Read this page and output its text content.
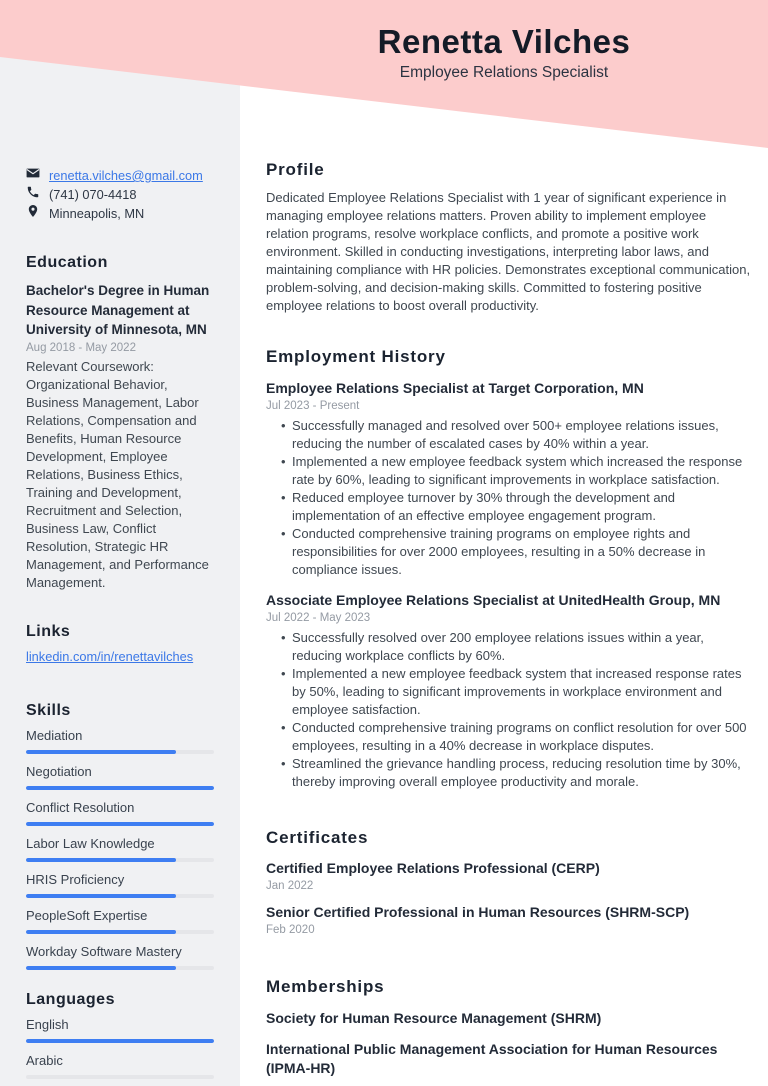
renetta.vilches@gmail.com
(741) 070-4418
Minneapolis, MN
Education
Bachelor's Degree in Human Resource Management at University of Minnesota, MN
Aug 2018 - May 2022
Relevant Coursework: Organizational Behavior, Business Management, Labor Relations, Compensation and Benefits, Human Resource Development, Employee Relations, Business Ethics, Training and Development, Recruitment and Selection, Business Law, Conflict Resolution, Strategic HR Management, and Performance Management.
Links
linkedin.com/in/renettavilches
Skills
Mediation
Negotiation
Conflict Resolution
Labor Law Knowledge
HRIS Proficiency
PeopleSoft Expertise
Workday Software Mastery
Languages
English
Arabic
Renetta Vilches
Employee Relations Specialist
Profile

Dedicated Employee Relations Specialist with 1 year of significant experience in managing employee relations matters. Proven ability to implement employee relation programs, resolve workplace conflicts, and promote a positive work environment. Skilled in conducting investigations, interpreting labor laws, and maintaining compliance with HR policies. Demonstrates exceptional communication, problem-solving, and decision-making skills. Committed to fostering positive employee relations to boost overall productivity.

Employment History
Employee Relations Specialist at Target Corporation, MN
Jul 2023 - Present
• Successfully managed and resolved over 500+ employee relations issues, reducing the number of escalated cases by 40% within a year.
• Implemented a new employee feedback system which increased the response rate by 60%, leading to significant improvements in workplace satisfaction.
• Reduced employee turnover by 30% through the development and implementation of an effective employee engagement program.
• Conducted comprehensive training programs on employee rights and responsibilities for over 2000 employees, resulting in a 50% decrease in compliance issues.
Associate Employee Relations Specialist at UnitedHealth Group, MN
Jul 2022 - May 2023
• Successfully resolved over 200 employee relations issues within a year, reducing workplace conflicts by 60%.
• Implemented a new employee feedback system that increased response rates by 50%, leading to significant improvements in workplace environment and employee satisfaction.
• Conducted comprehensive training programs on conflict resolution for over 500 employees, resulting in a 40% decrease in workplace disputes.
• Streamlined the grievance handling process, reducing resolution time by 30%, thereby improving overall employee productivity and morale.
Certificates
Certified Employee Relations Professional (CERP)
Jan 2022
Senior Certified Professional in Human Resources (SHRM-SCP)
Feb 2020
Memberships
Society for Human Resource Management (SHRM)
International Public Management Association for Human Resources (IPMA-HR)
